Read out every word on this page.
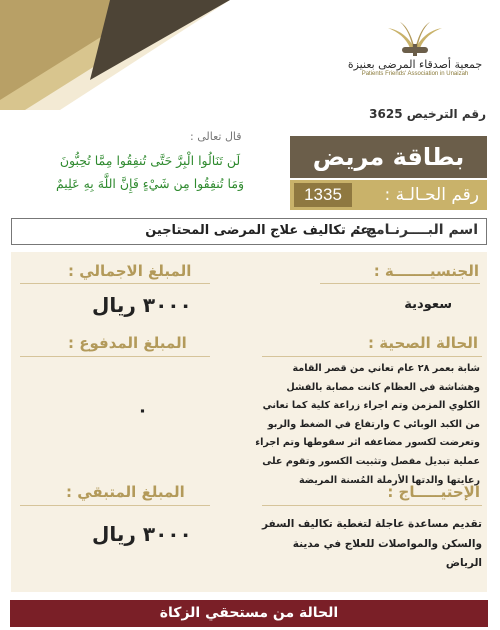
جمعية أصدقاء المرضى بعنيزة
Patients Friends' Association in Unaizah
رقم الترخيص 3625
قال تعالى :
لَن تَنَالُوا الْبِرَّ حَتَّى تُنفِقُوا مِمَّا تُحِبُّونَ
وَمَا تُنفِقُوا مِن شَيْءٍ فَإِنَّ اللَّهَ بِهِ عَلِيمٌ
بطاقة مريض
رقم الحـالـة :
1335
اسم البــــرنـامج :
دعم تكاليف علاج المرضى المحتاجين
الجنسيـــــــة :
سعودية
المبلغ الاجمالي :
٣٠٠٠ ريال
الحالة الصحية :
شابة بعمر ٢٨ عام تعاني من قصر القامة وهشاشة في العظام كانت مصابة بالفشل الكلوي المزمن وتم اجراء زراعة كلية كما تعاني من الكبد الوبائي C وارتفاع في الضغط والربو وتعرضت لكسور مضاعفه اثر سقوطها وتم اجراء عملية تبديل مفصل وتثبيت الكسور وتقوم على رعايتها والدتها الأرملة المُسنة المريضة
المبلغ المدفوع :
٠
الإحتيـــــاج :
تقديم مساعدة عاجلة لتغطية تكاليف السفر والسكن والمواصلات للعلاج في مدينة الرياض
المبلغ المتبقي :
٣٠٠٠ ريال
الحالة من مستحقي الزكاة
